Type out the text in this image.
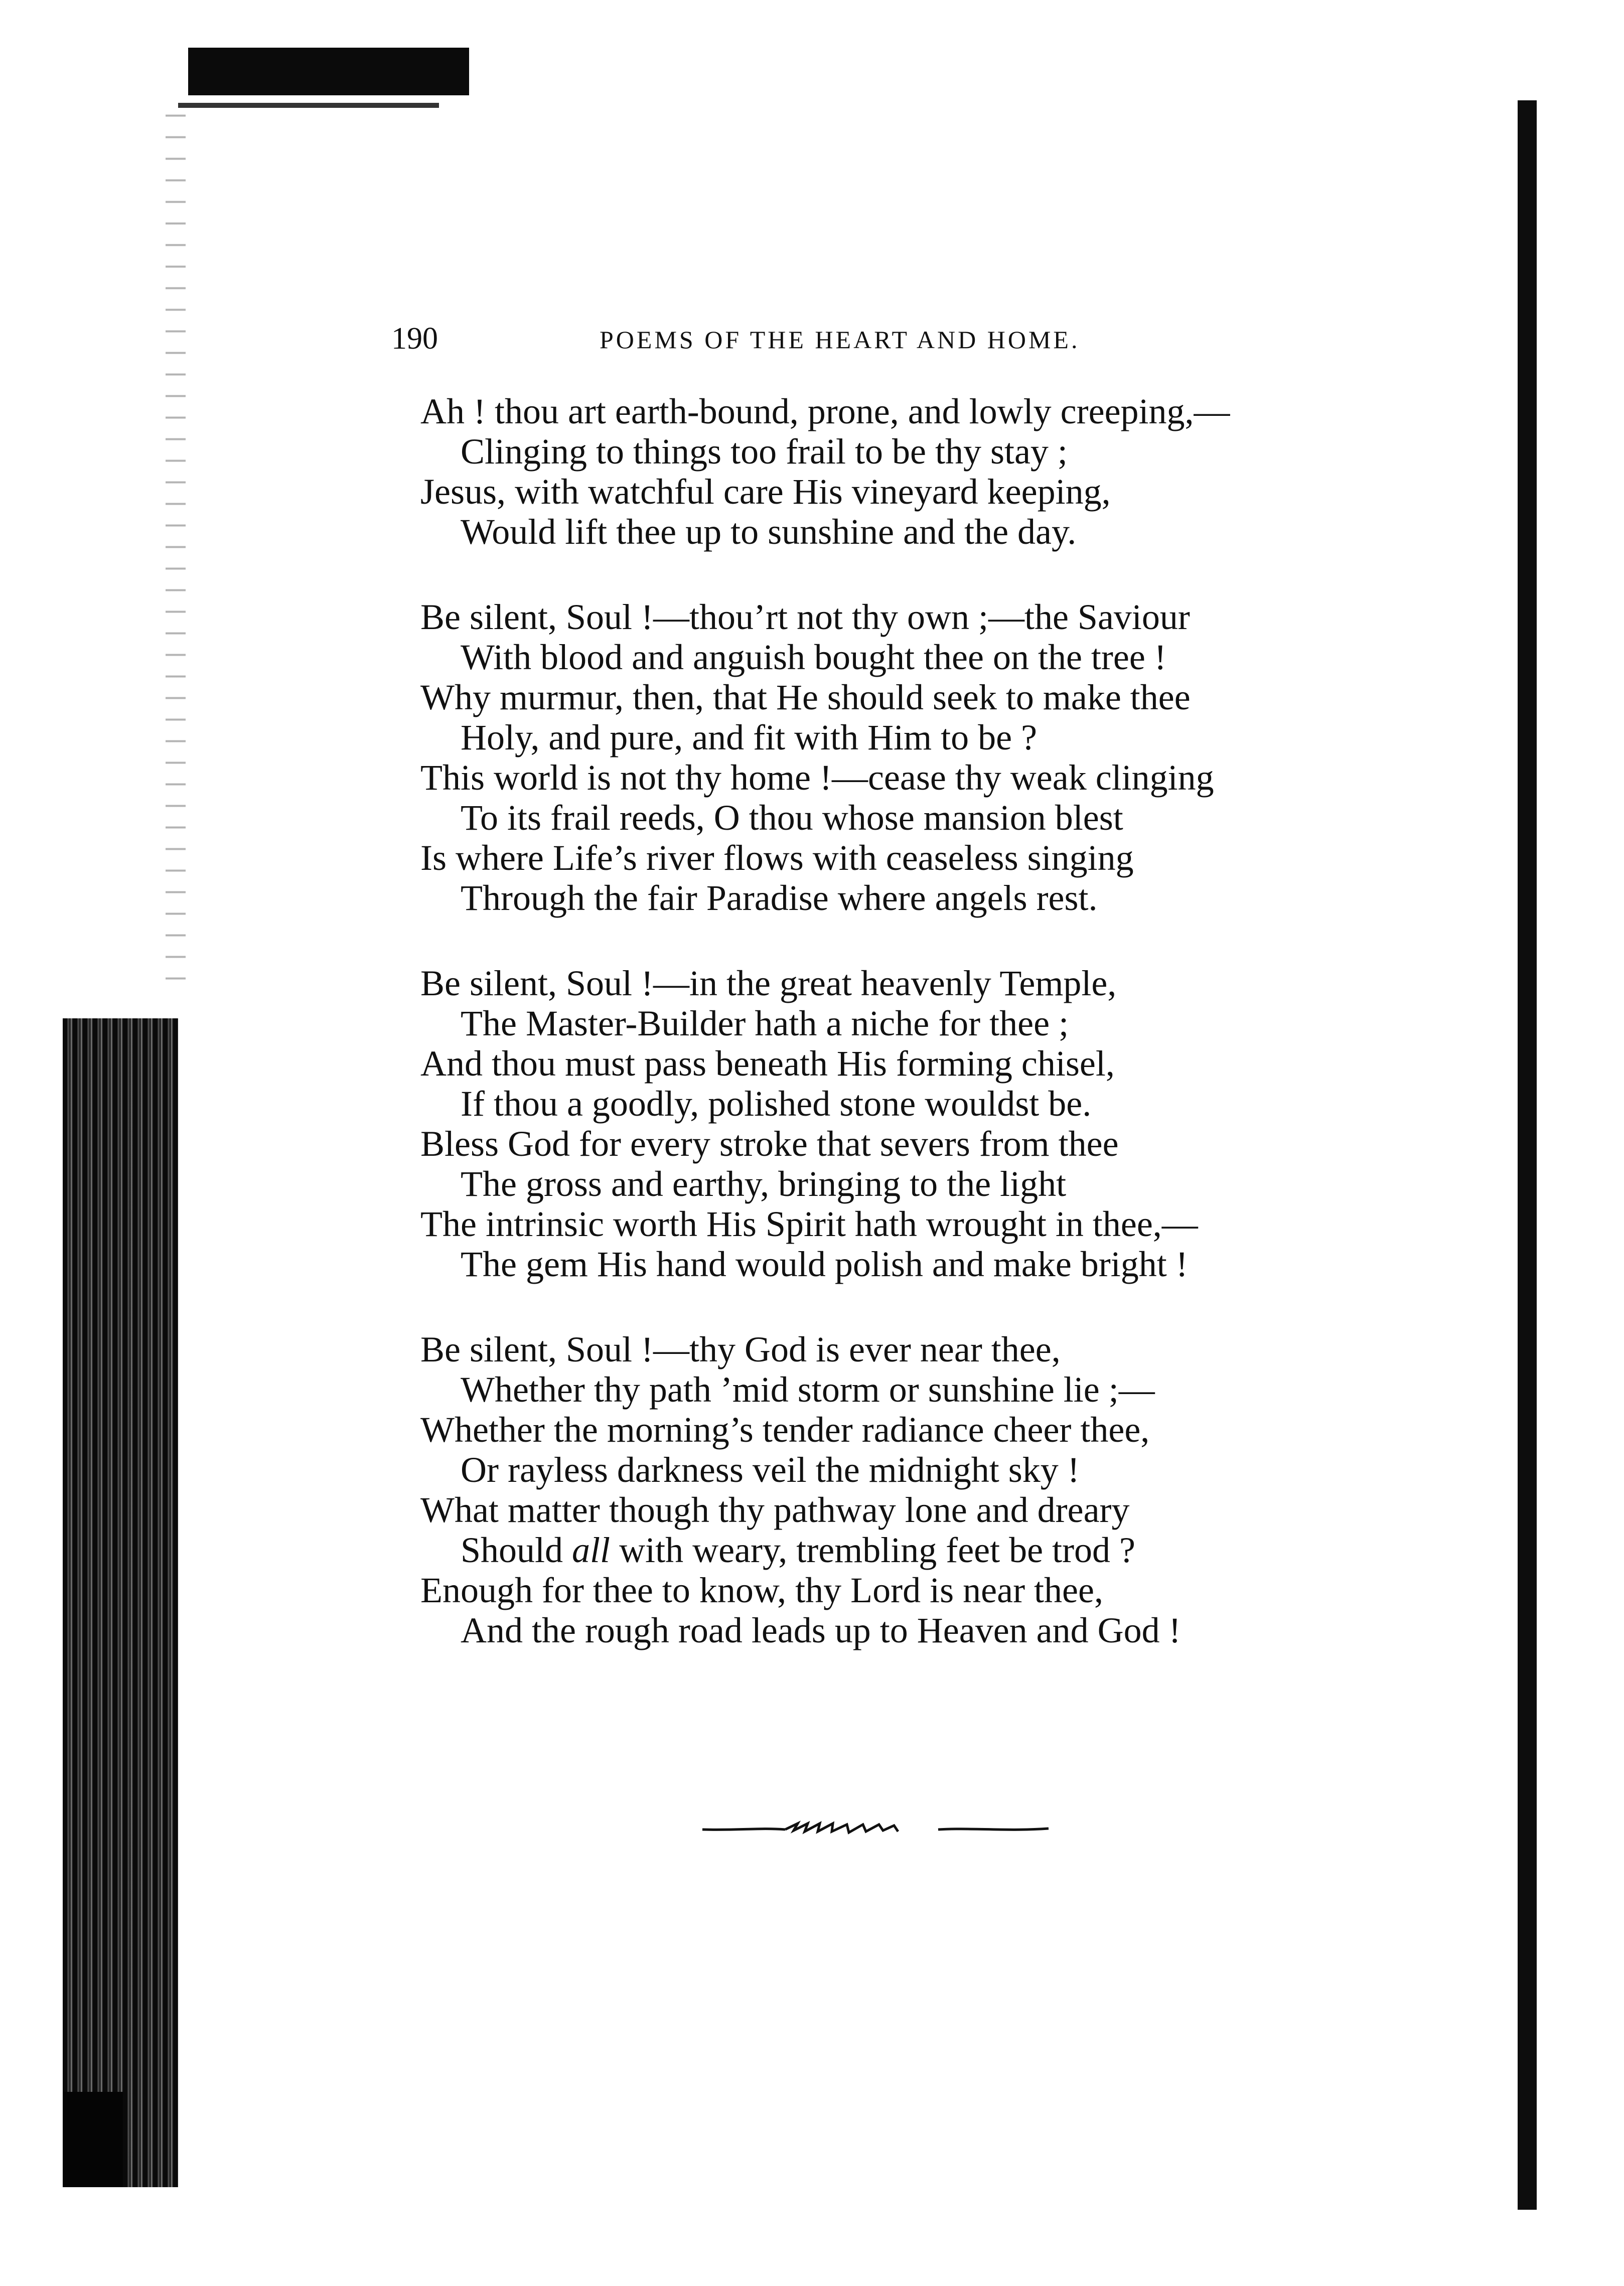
190	POEMS OF THE HEART AND HOME.
Ah ! thou art earth-bound, prone, and lowly creeping,—
Clinging to things too frail to be thy stay ;
Jesus, with watchful care His vineyard keeping,
Would lift thee up to sunshine and the day.
Be silent, Soul !—thou’rt not thy own ;—the Saviour
With blood and anguish bought thee on the tree !
Why murmur, then, that He should seek to make thee
Holy, and pure, and fit with Him to be ?
This world is not thy home !—cease thy weak clinging
To its frail reeds, O thou whose mansion blest
Is where Life’s river flows with ceaseless singing
Through the fair Paradise where angels rest.
Be silent, Soul !—in the great heavenly Temple,
The Master-Builder hath a niche for thee ;
And thou must pass beneath His forming chisel,
If thou a goodly, polished stone wouldst be.
Bless God for every stroke that severs from thee
The gross and earthy, bringing to the light
The intrinsic worth His Spirit hath wrought in thee,—
The gem His hand would polish and make bright !
Be silent, Soul !—thy God is ever near thee,
Whether thy path ’mid storm or sunshine lie ;—
Whether the morning’s tender radiance cheer thee,
Or rayless darkness veil the midnight sky !
What matter though thy pathway lone and dreary
Should all with weary, trembling feet be trod ?
Enough for thee to know, thy Lord is near thee,
And the rough road leads up to Heaven and God !
